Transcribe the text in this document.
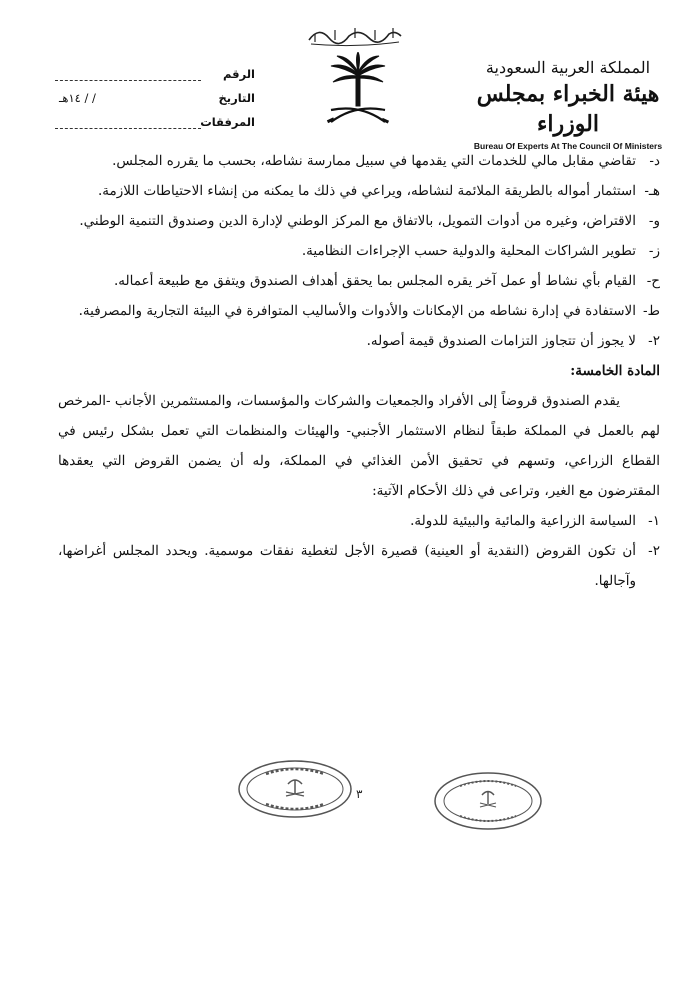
المملكة العربية السعودية
هيئة الخبراء بمجلس الوزراء
Bureau Of Experts At The Council Of Ministers
الرقم
التاريخ
/ / ١٤هـ
المرفقات
د-
تقاضي مقابل مالي للخدمات التي يقدمها في سبيل ممارسة نشاطه، بحسب ما يقرره المجلس.
هـ-
استثمار أمواله بالطريقة الملائمة لنشاطه، ويراعي في ذلك ما يمكنه من إنشاء الاحتياطات اللازمة.
و-
الاقتراض، وغيره من أدوات التمويل، بالاتفاق مع المركز الوطني لإدارة الدين وصندوق التنمية الوطني.
ز-
تطوير الشراكات المحلية والدولية حسب الإجراءات النظامية.
ح-
القيام بأي نشاط أو عمل آخر يقره المجلس بما يحقق أهداف الصندوق ويتفق مع طبيعة أعماله.
ط-
الاستفادة في إدارة نشاطه من الإمكانات والأدوات والأساليب المتوافرة في البيئة التجارية والمصرفية.
٢-
لا يجوز أن تتجاوز التزامات الصندوق قيمة أصوله.

المادة الخامسة:

يقدم الصندوق قروضاً إلى الأفراد والجمعيات والشركات والمؤسسات، والمستثمرين الأجانب -المرخص لهم بالعمل في المملكة طبقاً لنظام الاستثمار الأجنبي- والهيئات والمنظمات التي تعمل بشكل رئيس في القطاع الزراعي، وتسهم في تحقيق الأمن الغذائي في المملكة، وله أن يضمن القروض التي يعقدها المقترضون مع الغير، وتراعى في ذلك الأحكام الآتية:

١-
السياسة الزراعية والمائية والبيئية للدولة.
٢-
أن تكون القروض (النقدية أو العينية) قصيرة الأجل لتغطية نفقات موسمية. ويحدد المجلس أغراضها، وآجالها.
٣
